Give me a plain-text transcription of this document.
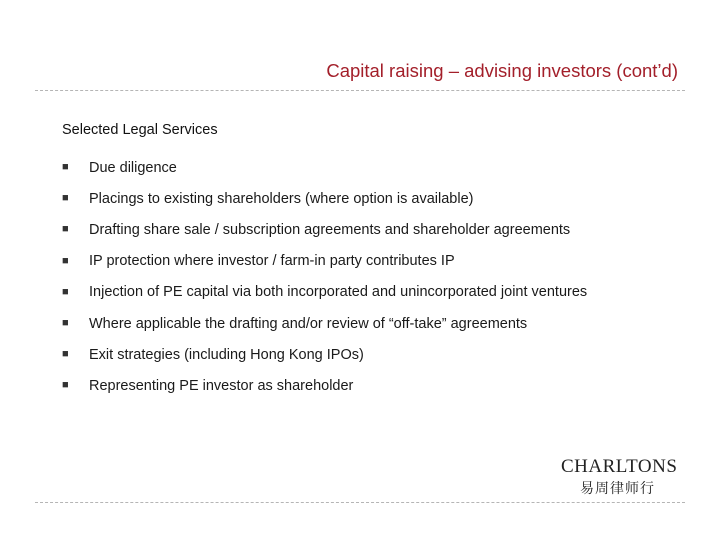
Capital raising – advising investors (cont’d)
Selected Legal Services
■	Due diligence
■	Placings to existing shareholders (where option is available)
■	Drafting share sale / subscription agreements and shareholder agreements
■	IP protection where investor / farm-in party contributes IP
■	Injection of PE capital via both incorporated and unincorporated joint ventures
■	Where applicable the drafting and/or review of “off-take” agreements
■	Exit strategies (including Hong Kong IPOs)
■	Representing PE investor as shareholder
CHARLTONS
易周律师行
